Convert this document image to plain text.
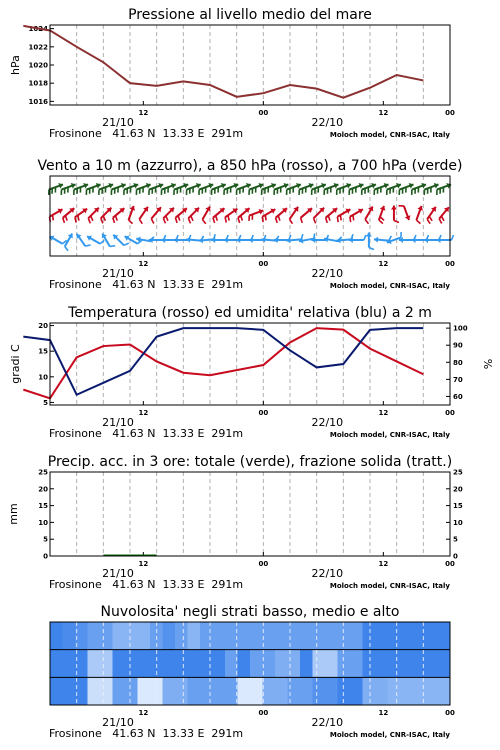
Pressione al livello medio del mare
1016
1018
1020
1022
1024
hPa
12	00	12	00
21/10	22/10
Frosinone   41.63 N  13.33 E  291m	Moloch model, CNR-ISAC, Italy
Vento a 10 m (azzurro), a 850 hPa (rosso), a 700 hPa (verde)
12	00	12	00
21/10	22/10
Frosinone   41.63 N  13.33 E  291m	Moloch model, CNR-ISAC, Italy
Temperatura (rosso) ed umidita' relativa (blu) a 2 m
5
10
15
20
60
70
80
90
100
gradi C	%
12	00	12	00
21/10	22/10
Frosinone   41.63 N  13.33 E  291m	Moloch model, CNR-ISAC, Italy
Precip. acc. in 3 ore: totale (verde), frazione solida (tratt.)
0
5
10
15
20
25
0
5
10
15
20
25
mm
12	00	12	00
21/10	22/10
Frosinone   41.63 N  13.33 E  291m	Moloch model, CNR-ISAC, Italy
Nuvolosita' negli strati basso, medio e alto
12	00	12	00
21/10	22/10
Frosinone   41.63 N  13.33 E  291m	Moloch model, CNR-ISAC, Italy
